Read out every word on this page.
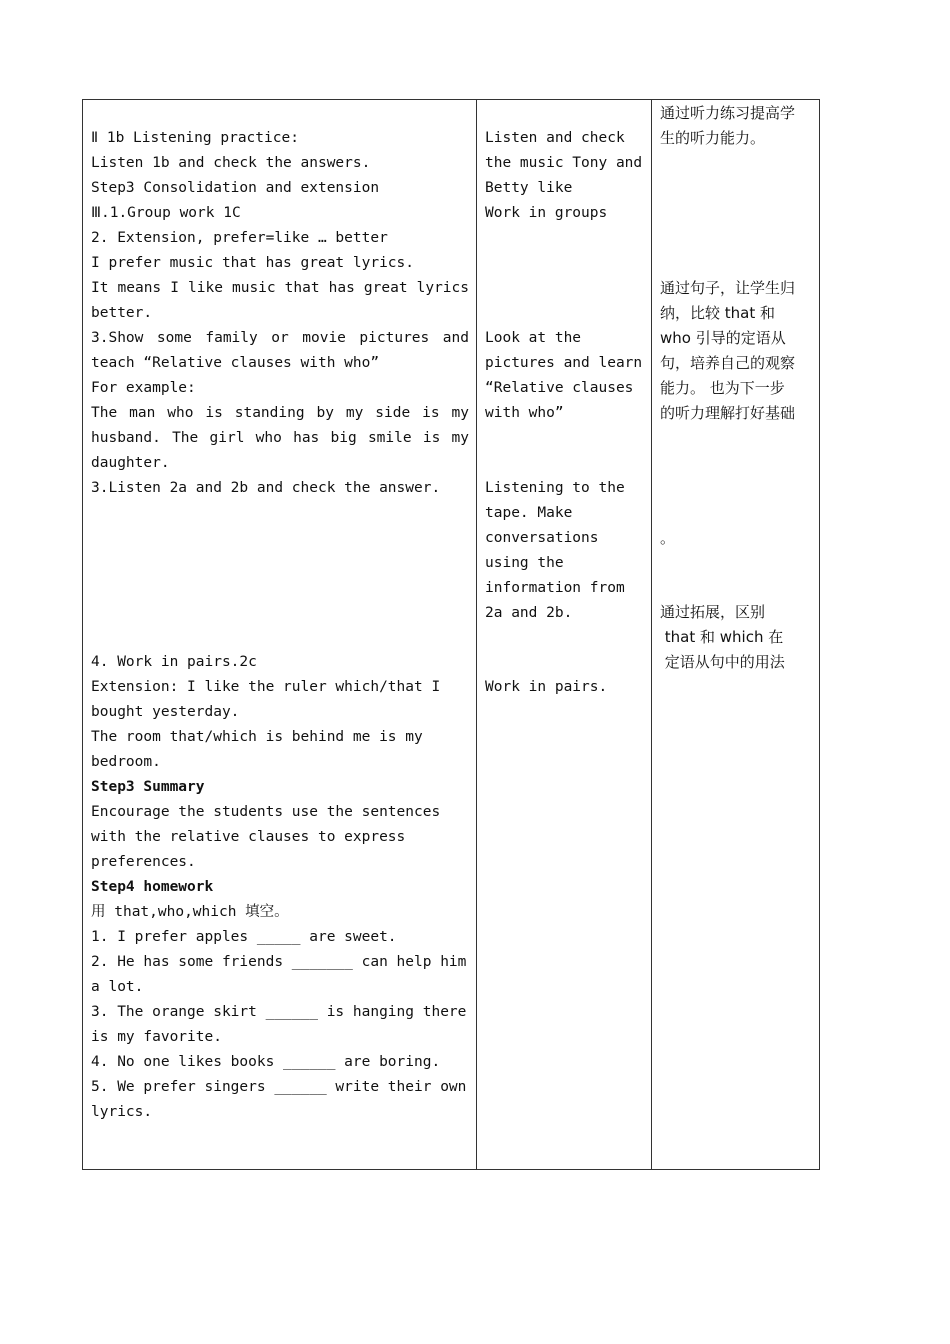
Ⅱ 1b Listening practice:
Listen 1b and check the answers.
Step3 Consolidation and extension
Ⅲ.1.Group work 1C
2. Extension, prefer=like … better
I prefer music that has great lyrics.
It means I like music that has great lyrics
better.
3.Show some family or movie pictures and
teach “Relative clauses with who”
For example:
The man who is standing by my side is my
husband. The girl who has big smile is my
daughter.
3.Listen 2a and 2b and check the answer.
4. Work in pairs.2c
Extension: I like the ruler which/that I
bought yesterday.
The room that/which is behind me is my
bedroom.
Step3 Summary
Encourage the students use the sentences
with the relative clauses to express
preferences.
Step4 homework
用 that,who,which 填空。
1. I prefer apples _____ are sweet.
2. He has some friends _______ can help him
a lot.
3. The orange skirt ______ is hanging there
is my favorite.
4. No one likes books ______ are boring.
5. We prefer singers ______ write their own
lyrics.
Listen and check
the music Tony and
Betty like
Work in groups
Look at the
pictures and learn
“Relative clauses
with who”
Listening to the
tape. Make
conversations
using the
information from
2a and 2b.
Work in pairs.
通过听力练习提高学
生的听力能力。
通过句子，让学生归
纳，比较 that 和
who 引导的定语从
句，培养自己的观察
能力。 也为下一步
的听力理解打好基础
。
通过拓展，区别
that 和 which 在
定语从句中的用法
